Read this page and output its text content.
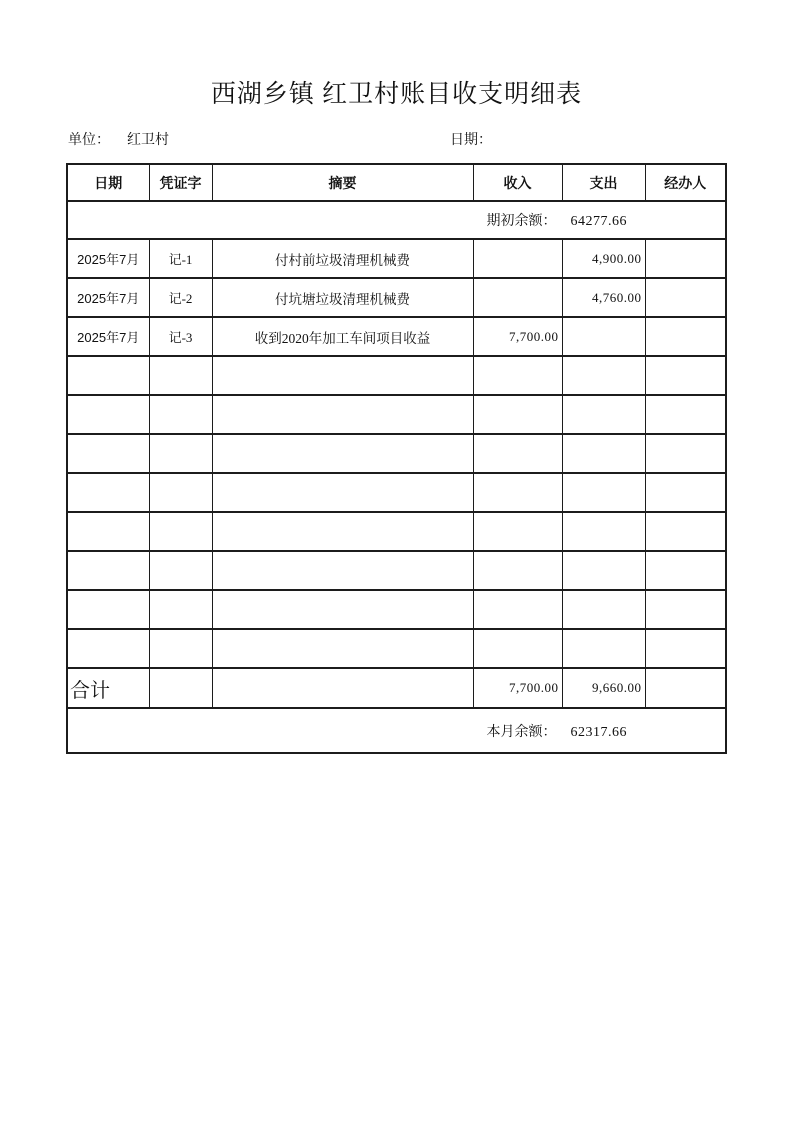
西湖乡镇 红卫村账目收支明细表
单位： 红卫村	日期：
日期	凭证字	摘要	收入	支出	经办人
期初余额： 64277.66					
2025年7月	记-1	付村前垃圾清理机械费		4,900.00	
2025年7月	记-2	付坑塘垃圾清理机械费		4,760.00	
2025年7月	记-3	收到2020年加工车间项目收益	7,700.00		

合计			7,700.00	9,660.00	
本月余额： 62317.66					
